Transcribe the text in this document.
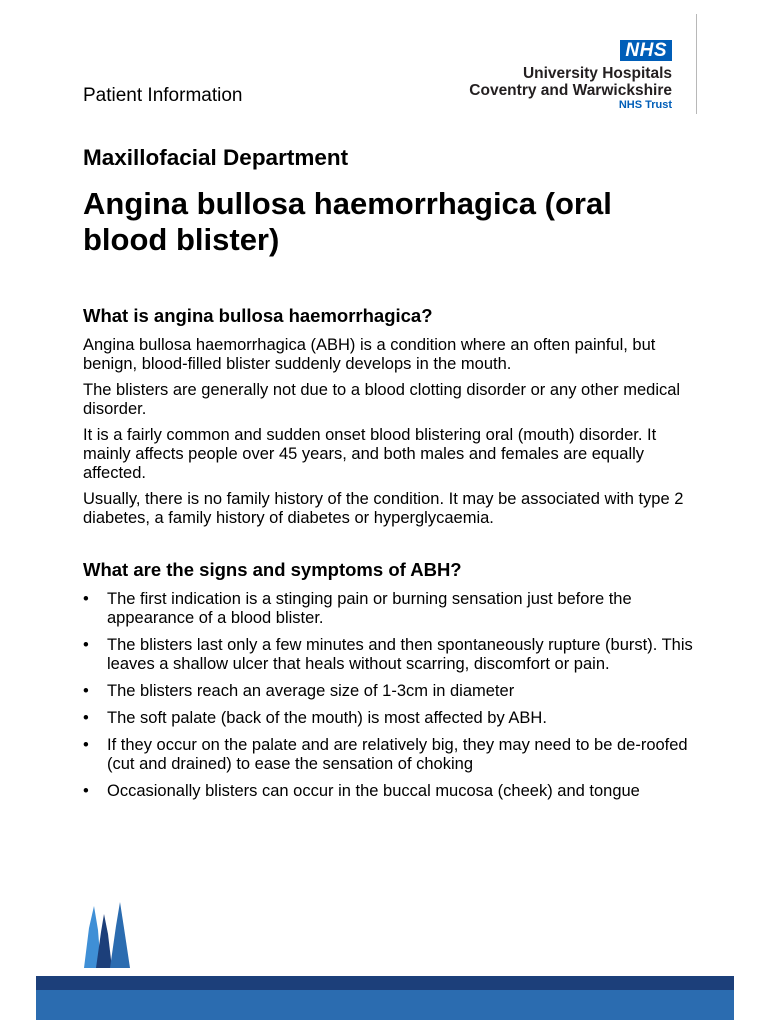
Patient Information
NHS
University Hospitals
Coventry and Warwickshire
NHS Trust
Maxillofacial Department
Angina bullosa haemorrhagica (oral blood blister)
What is angina bullosa haemorrhagica?

Angina bullosa haemorrhagica (ABH) is a condition where an often painful, but benign, blood-filled blister suddenly develops in the mouth.

The blisters are generally not due to a blood clotting disorder or any other medical disorder.

It is a fairly common and sudden onset blood blistering oral (mouth) disorder. It mainly affects people over 45 years, and both males and females are equally affected.

Usually, there is no family history of the condition. It may be associated with type 2 diabetes, a family history of diabetes or hyperglycaemia.

What are the signs and symptoms of ABH?
• The first indication is a stinging pain or burning sensation just before the appearance of a blood blister.
• The blisters last only a few minutes and then spontaneously rupture (burst). This leaves a shallow ulcer that heals without scarring, discomfort or pain.
• The blisters reach an average size of 1-3cm in diameter
• The soft palate (back of the mouth) is most affected by ABH.
• If they occur on the palate and are relatively big, they may need to be de-roofed (cut and drained) to ease the sensation of choking
• Occasionally blisters can occur in the buccal mucosa (cheek) and tongue
